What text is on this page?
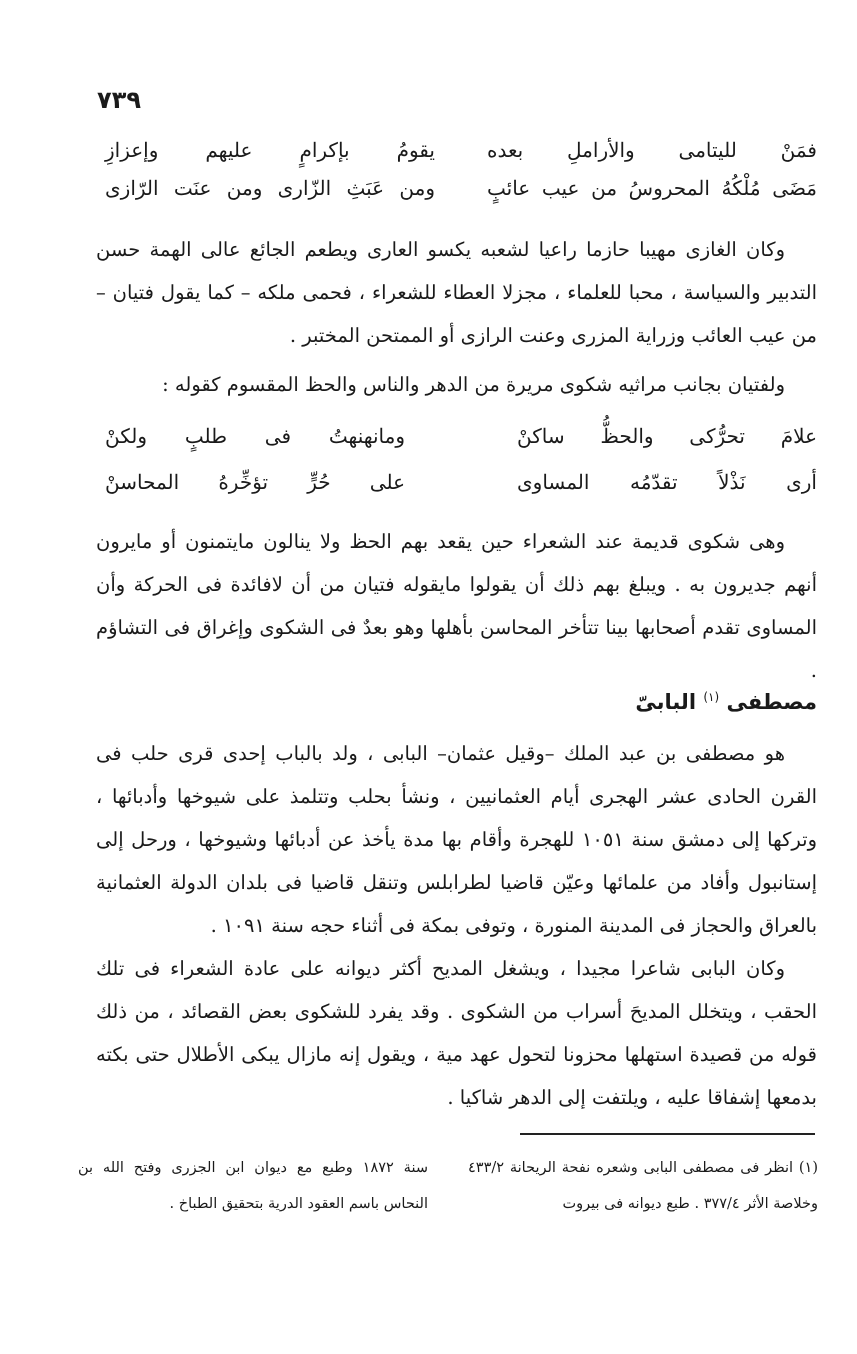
٧٣٩
فمَنْ للیتامی والأراملِ بعده
یقومُ بإکرامٍ علیهم وإعزازِ
مَضَی مُلْکُهُ المحروسُ من عیب عائبٍ
ومن عَبَثِ الزّاری ومن عنَت الرّازی

وكان الغازى مهيبا حازما راعيا لشعبه يكسو العارى ويطعم الجائع عالى الهمة حسن التدبير والسياسة ، محبا للعلماء ، مجزلا العطاء للشعراء ، فحمى ملكه – كما يقول فتيان – من عيب العائب وزراية المزرى وعنت الرازى أو الممتحن المختبر .

ولفتيان بجانب مراثيه شكوى مريرة من الدهر والناس والحظ المقسوم كقوله :

علامَ تحرُّکی والحظُّ ساکنْ
ومانهنهتُ فی طلبٍ ولکنْ
أری نَذْلاً تقدّمُه المساوی
علی حُرٍّ تؤخِّرهُ المحاسنْ

وهى شكوى قديمة عند الشعراء حين يقعد بهم الحظ ولا ينالون مايتمنون أو مايرون أنهم جديرون به . ويبلغ بهم ذلك أن يقولوا مايقوله فتيان من أن لافائدة فى الحركة وأن المساوى تقدم أصحابها بينا تتأخر المحاسن بأهلها وهو بعدٌ فى الشكوى وإغراق فى التشاؤم .

مصطفى $^{(١)}$ البابىّ

هو مصطفى بن عبد الملك –وقيل عثمان– البابى ، ولد بالباب إحدى قرى حلب فى القرن الحادى عشر الهجرى أيام العثمانيين ، ونشأ بحلب وتتلمذ على شيوخها وأدبائها ، وتركها إلى دمشق سنة ١٠٥١ للهجرة وأقام بها مدة يأخذ عن أدبائها وشيوخها ، ورحل إلى إستانبول وأفاد من علمائها وعيّن قاضيا لطرابلس وتنقل قاضيا فى بلدان الدولة العثمانية بالعراق والحجاز فى المدينة المنورة ، وتوفى بمكة فى أثناء حجه سنة ١٠٩١ .

وكان البابى شاعرا مجيدا ، ويشغل المديح أكثر ديوانه على عادة الشعراء فى تلك الحقب ، ويتخلل المديحَ أسراب من الشكوى . وقد يفرد للشكوى بعض القصائد ، من ذلك قوله من قصيدة استهلها محزونا لتحول عهد مية ، ويقول إنه مازال يبكى الأطلال حتى بكته بدمعها إشفاقا عليه ، ويلتفت إلى الدهر شاكيا .

(١) انظر فى مصطفى البابى وشعره نفحة الريحانة ٤٣٣/٢ وخلاصة الأثر ٣٧٧/٤ . طبع ديوانه فى بيروت
سنة ١٨٧٢ وطبع مع ديوان ابن الجزرى وفتح الله بن النحاس باسم العقود الدرية بتحقيق الطباخ .
